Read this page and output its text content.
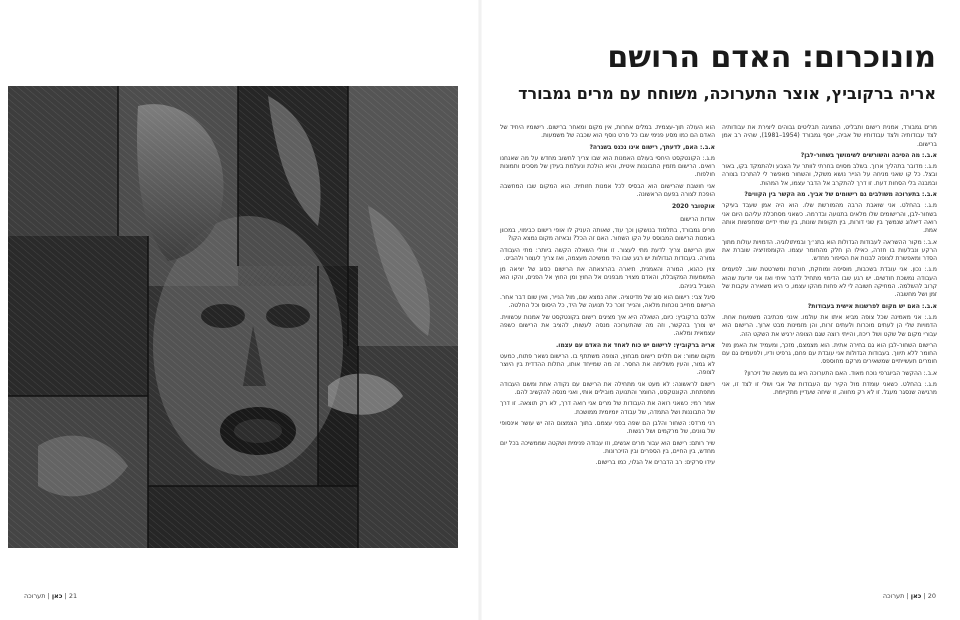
מונוכרום: האדם הרושם
אריה ברקוביץ, אוצר התערוכה, משוחח עם מרים גמבורד

מרים גמבורד, אמנית רישום ותבליט, המציגה תבליטים גבוהים ליצירת את עבודותיה לצד עבודותיה ולצד עבודותיו של אביה, יוסף גמבורד (1954–1981), שהיה רב אמן ברישום.

א.ב.: מה הסיבה והשורשים לשימושך בשחור-לבן?

מ.ג.: מדובר בתהליך ארוך. בשלב מסוים בחרתי לוותר על הצבע ולהתמקד בקו, באור ובצל. כל קו שאני מניחה על הנייר נושא משקל, והשחור מאפשר לי להתרכז בצורה ובמבנה בלי הסחות דעת. זו דרך להתקרב אל הדבר עצמו, אל המהות.

א.ב.: בתערוכה משולבים גם רישומים של אביך. מה הקשר בין הקווים?

מ.ג.: בהחלט. אני שואבת הרבה מהמורשת שלו. הוא היה אמן שעבד בעיקר בשחור-לבן, והרישומים שלו מלאים בתנועה ובדרמה. כשאני מסתכלת עליהם היום אני רואה דיאלוג שנמשך בין שני דורות, בין תקופות שונות, בין שתי ידיים שמחפשות אותה אמת.

א.ב.: מקור ההשראה לעבודות הגדולות הוא בתנ״ך ובמיתולוגיה. הדמויות עולות מתוך הרקע ונבלעות בו חזרה, כאילו הן חלק מהחומר עצמו. הקומפוזיציה שוברת את הסדר ומאפשרת לצופה לבנות את הסיפור מחדש.

מ.ג.: נכון. אני עובדת בשכבות, מוסיפה ומוחקת, חורטת ומשרטטת שוב. לפעמים העבודה נמשכת חודשים. יש רגע שבו הדימוי מתחיל לדבר איתי ואז אני יודעת שהוא קרוב להשלמה. המחיקה חשובה לי לא פחות מהקו עצמו, כי היא משאירה עקבות של זמן ושל מחשבה.

א.ב.: האם יש מקום לפרשנות אישית בעבודות?

מ.ג.: אני מאמינה שכל צופה מביא איתו את עולמו. אינני מכתיבה משמעות אחת. הדמויות שלי הן לעתים מוכרות ולעתים זרות, והן מזמינות מבט ארוך. הרישום הוא עבורי מקום של שקט ושל ריכוז, והייתי רוצה שגם הצופה ירגיש את השקט הזה.

הרישום השחור-לבן הוא גם בחירה אתית. הוא מצמצם, מזכך, ומעמיד את האמן מול החומר ללא תיווך. בעבודות הגדולות אני עובדת עם פחם, גרפיט ודיו, ולפעמים גם עם חומרים תעשייתיים שמשאירים מרקם מחוספס.

א.ב.: ההקשר הביוגרפי נוכח מאוד. האם התערוכה היא גם מעשה של זיכרון?

מ.ג.: בהחלט. כשאני עומדת מול הקיר עם העבודות של אבי ושלי זו לצד זו, אני מרגישה שנסגר מעגל. זו לא רק מחווה, זו שיחה שעדיין מתקיימת.

הוא העולה תוך-עצמית. במלים אחרות, אין מקום ומאחר ברישום. רישומיו היחיד של האדם הם כמו מסע פנימי שבו כל פרט נוסף הוא שכבה של משמעות.

א.ב.: האם, לדעתך, רישום אינו נכנס בשגרה?

מ.ג.: הקונטקסט היחסי בעולם האמנות הוא שבו צריך לחשוב מחדש על מה שאנחנו רואים. הרישום מזמין התבוננות איטית, והיא הולכת ונעלמת בעידן של מסכים ותמונות חולפות.

אני חושבת שהרישום הוא הבסיס לכל אמנות חזותית. הוא המקום שבו המחשבה הופכת לצורה בפעם הראשונה.

אוקטובר 2020

אודות הרישום

מרים גמבורד, בתלמוד בנושקון וכך עוד, שאותה העניק לו אופי רישום כבימוי, במכוון באמנות הרישום המבוסס על הקו השחור. האם זה הכל? ובאיזה מקום נמצא הקו?

אמן הרישום צריך לדעת מתי לעצור. זו אולי השאלה הקשה ביותר: מתי העבודה גמורה. בעבודות הגדולות יש רגע שבו היד ממשיכה מעצמה, ואז צריך לעצור ולהביט.

צוין כהנא, המורה והאמנית, תיארה בהרצאתה את הרישום כסוג של יציאה מן המשמעות המקובלת, והאדם מצויר מבפנים אל החוץ ומן החוץ אל הפנים, והקו הוא השביל ביניהם.

סיגל צבי: רישום הוא סוג של מדיטציה. אתה נמצא שם, מול הנייר, ואין שום דבר אחר. הרישום מחייב נוכחות מלאה, והנייר זוכר כל תנועה של היד, כל היסוס וכל החלטה.

אלכס ברקוביץ: כיום, השאלה היא איך מציגים רישום בקונטקסט של אמנות עכשווית. יש צורך בהקשר, וזה מה שהתערוכה מנסה לעשות, להציב את הרישום כשפה עצמאית ומלאה.

אריה ברקוביץ: לרישום יש כוח לאחד את האדם עם עצמו.

מקום שמור: אם תלוים רישום מבחוץ, הצופה משתתף בו. הרישום נשאר פתוח, כמעט לא גמור, והעין משלימה את החסר. זה מה שמייחד אותו, התלות ההדדית בין היוצר לצופה.

רישום לראשונה: לא מעט אני מתחילה את הרישום עם נקודה אחת ומשם העבודה מתפתחת. הקונטקסט, החומר והתנועה מובילים אותי, ואני מנסה להקשיב להם.

אמר רמי: כשאני רואה את העבודות של מרים אני רואה דרך, לא רק תוצאה. זו דרך של התבוננות ושל התמדה, של עבודה יומיומית ממושכת.

רני מרדס: השחור והלבן הם שפה בפני עצמם. בתוך הצמצום הזה יש עושר אינסופי של גוונים, של מרקמים ושל רגשות.

שיר רותם: רישום הוא עבור מרים אנשים, וזו עבודה פנימית ושקטה שממשיכה בכל יום מחדש, בין החיים, בין הספרים ובין הזיכרונות.

עידו סרקים: רב הדברים אל הגלוי, כמו ברישום.

21 | כאן | תערוכה	20 | כאן | תערוכה
